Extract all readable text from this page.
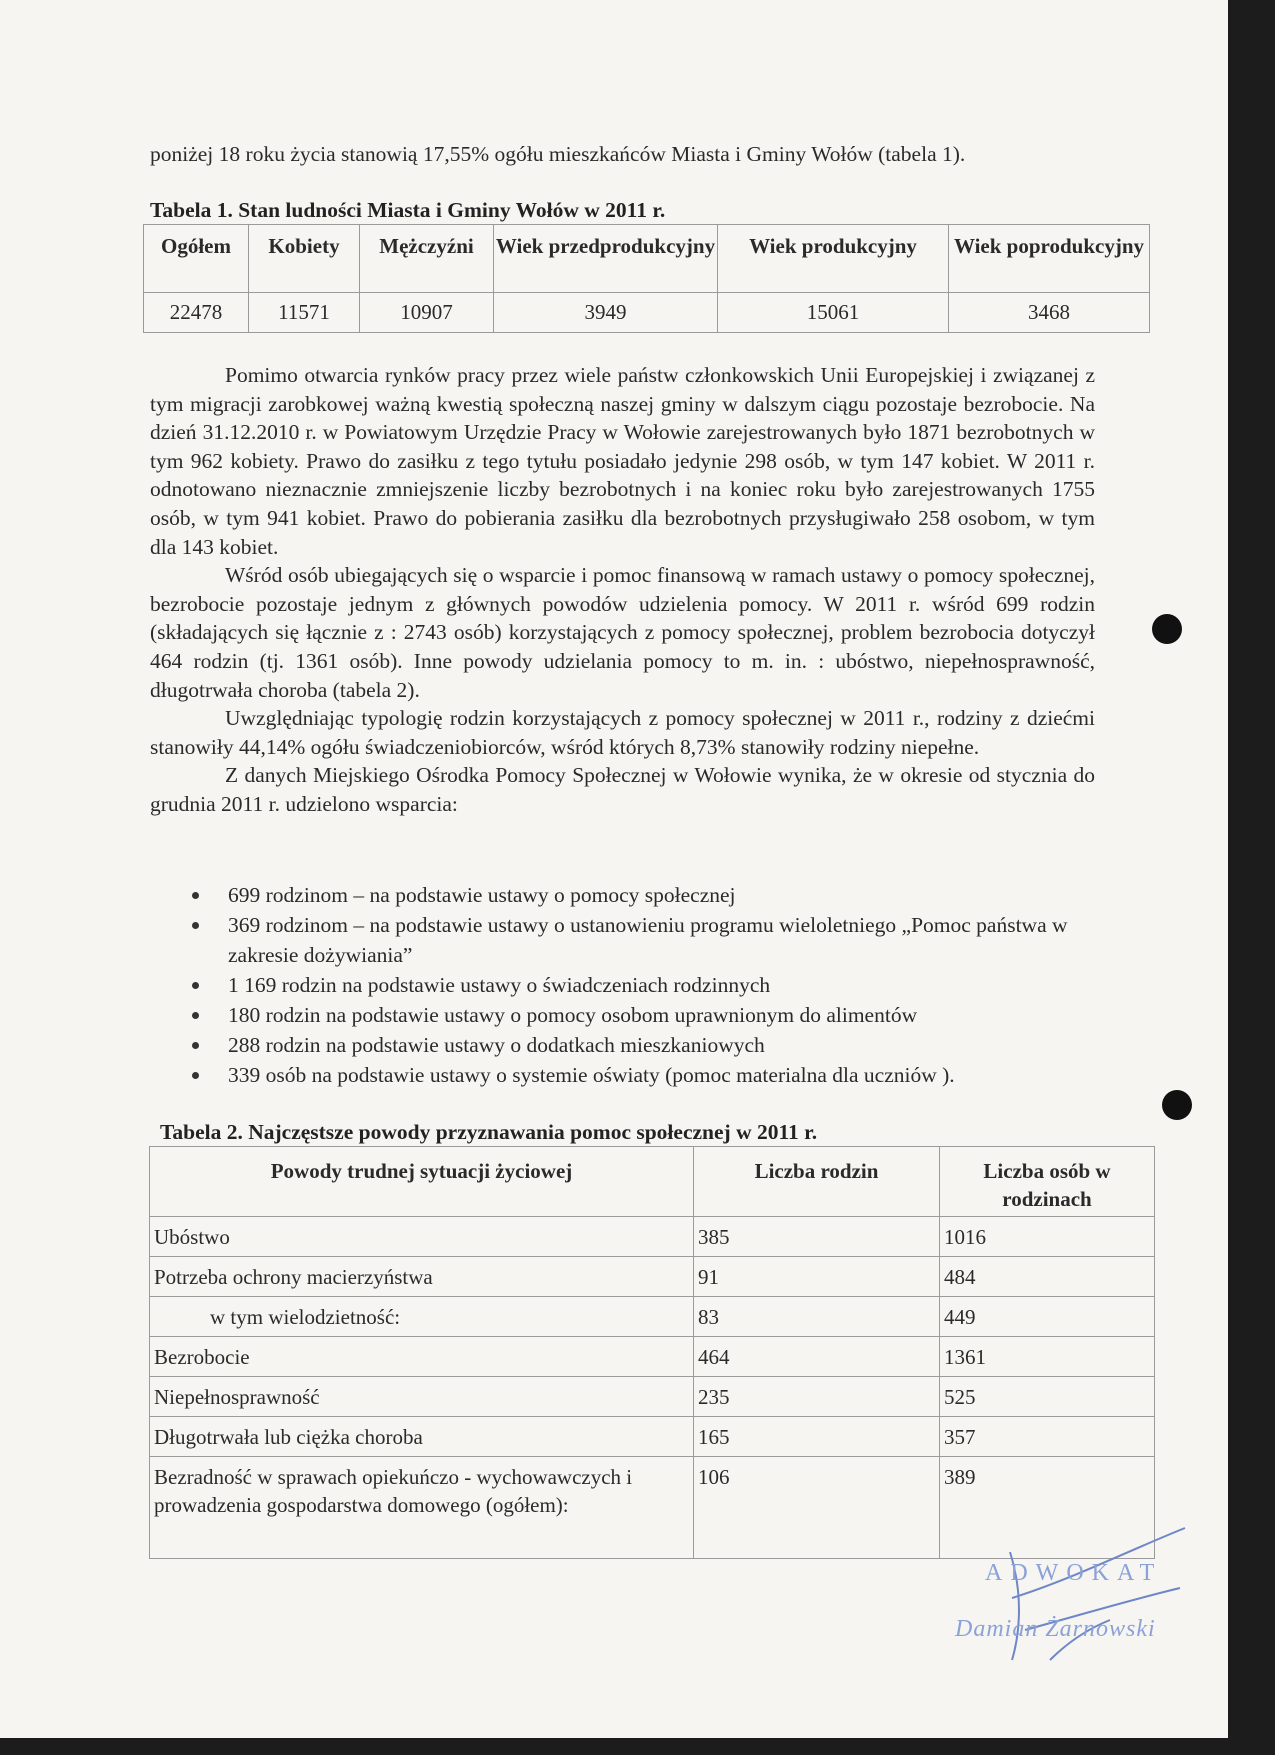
poniżej 18 roku życia stanowią 17,55% ogółu mieszkańców Miasta i Gminy Wołów (tabela 1).
Tabela 1. Stan ludności Miasta i Gminy Wołów w 2011 r.
Ogółem	Kobiety	Mężczyźni	Wiek przedprodukcyjny	Wiek produkcyjny	Wiek poprodukcyjny
22478	11571	10907	3949	15061	3468

Pomimo otwarcia rynków pracy przez wiele państw członkowskich Unii Europejskiej i związanej z tym migracji zarobkowej ważną kwestią społeczną naszej gminy w dalszym ciągu pozostaje bezrobocie. Na dzień 31.12.2010 r. w Powiatowym Urzędzie Pracy w Wołowie zarejestrowanych było 1871 bezrobotnych w tym 962 kobiety. Prawo do zasiłku z tego tytułu posiadało jedynie 298 osób, w tym 147 kobiet. W 2011 r. odnotowano nieznacznie zmniejszenie liczby bezrobotnych i na koniec roku było zarejestrowanych 1755 osób, w tym 941 kobiet. Prawo do pobierania zasiłku dla bezrobotnych przysługiwało 258 osobom, w tym dla 143 kobiet.

Wśród osób ubiegających się o wsparcie i pomoc finansową w ramach ustawy o pomocy społecznej, bezrobocie pozostaje jednym z głównych powodów udzielenia pomocy. W 2011 r. wśród 699 rodzin (składających się łącznie z : 2743 osób) korzystających z pomocy społecznej, problem bezrobocia dotyczył 464 rodzin (tj. 1361 osób). Inne powody udzielania pomocy to m. in. : ubóstwo, niepełnosprawność, długotrwała choroba (tabela 2).

Uwzględniając typologię rodzin korzystających z pomocy społecznej w 2011 r., rodziny z dziećmi stanowiły 44,14% ogółu świadczeniobiorców, wśród których 8,73% stanowiły rodziny niepełne.

Z danych Miejskiego Ośrodka Pomocy Społecznej w Wołowie wynika, że w okresie od stycznia do grudnia 2011 r. udzielono wsparcia:

699 rodzinom – na podstawie ustawy o pomocy społecznej
369 rodzinom – na podstawie ustawy o ustanowieniu programu wieloletniego „Pomoc państwa w zakresie dożywiania”
1 169 rodzin na podstawie ustawy o świadczeniach rodzinnych
180 rodzin na podstawie ustawy o pomocy osobom uprawnionym do alimentów
288 rodzin na podstawie ustawy o dodatkach mieszkaniowych
339 osób na podstawie ustawy o systemie oświaty (pomoc materialna dla uczniów ).
Tabela 2. Najczęstsze powody przyznawania pomoc społecznej w 2011 r.
Powody trudnej sytuacji życiowej	Liczba rodzin	Liczba osób w rodzinach
Ubóstwo	385	1016
Potrzeba ochrony macierzyństwa	91	484
w tym wielodzietność:	83	449
Bezrobocie	464	1361
Niepełnosprawność	235	525
Długotrwała lub ciężka choroba	165	357
Bezradność w sprawach opiekuńczo - wychowawczych i prowadzenia gospodarstwa domowego (ogółem):	106	389
ADWOKAT
Damian Żarnowski
